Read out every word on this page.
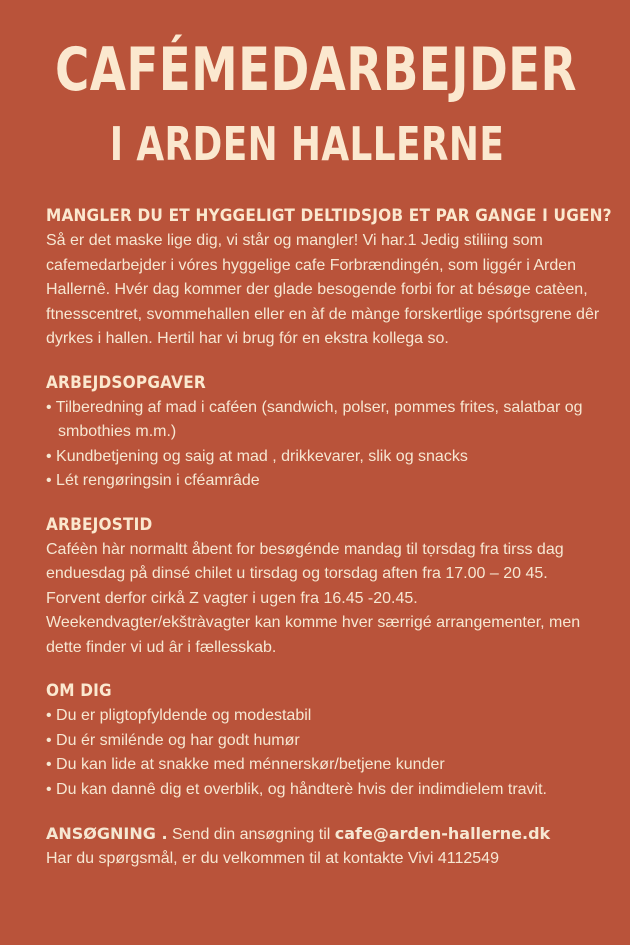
CAFÉMEDARBEJDER
I ARDEN HALLERNE
MANGLER DU ET HYGGELIGT DELTIDSJOB ET PAR GANGE I UGEN?

Så er det maske lige dig, vi står og mangler! Vi har.1 Jedig stiliing som cafemedarbejder i vóres hyggelige cafe Forbrændingén, som liggér i Arden Hallernê. Hvér dag kommer der glade besogende forbi for at bésøge catèen, ftnesscentret, svommehallen eller en àf de mànge forskertlige spórtsgrene dêr dyrkes i hallen. Hertil har vi brug fór en ekstra kollega so.

ARBEJDSOPGAVER
• Tilberedning af mad i caféen (sandwich, polser, pommes frites, salatbar og smbothies m.m.)
• Kundbetjening og saig at mad , drikkevarer, slik og snacks
• Lét rengøringsin i cféamrâde
ARBEJOSTID

Caféèn hàr normaltt åbent for besøgénde mandag til tọrsdag fra tirss dag enduesdag på dinsé chilet u tirsdag og torsdag aften fra 17.00 – 20 45. Forvent derfor cirkå Z vagter i ugen fra 16.45 -20.45. Weekendvagter/ekštràvagter kan komme hver særrigé arrangementer, men dette finder vi ud âr i fællesskab.

OM DIG
• Du er pligtopfyldende og modestabil
• Du ér smilénde og har godt humør
• Du kan lide at snakke med ménnerskør/betjene kunder
• Du kan dannê dig et overblik, og håndterè hvis der indimdielem travit.
ANSØGNING . Send din ansøgning til cafe@arden-hallerne.dk
Har du spørgsmål, er du velkommen til at kontakte Vivi 4112549
